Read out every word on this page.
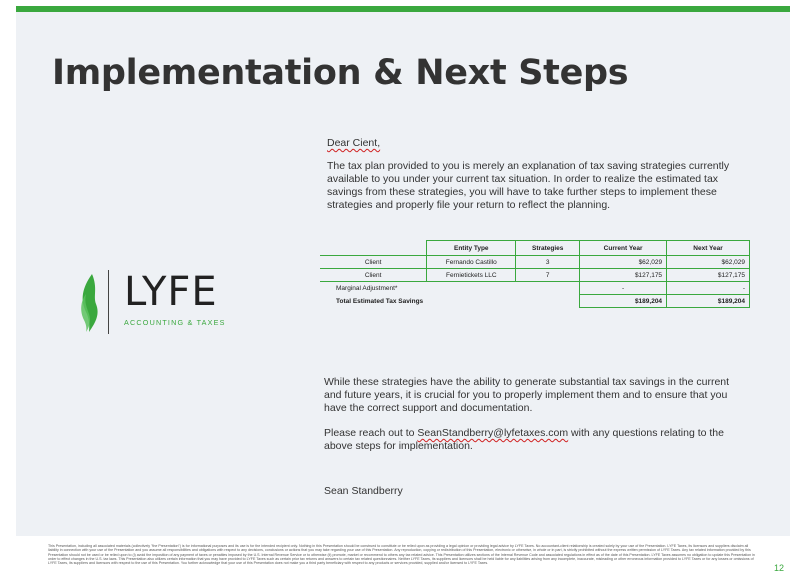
Implementation & Next Steps
LYFE
ACCOUNTING & TAXES

Dear Cient,

The tax plan provided to you is merely an explanation of tax saving strategies currently available to you under your current tax situation. In order to realize the estimated tax savings from these strategies, you will have to take further steps to implement these strategies and properly file your return to reflect the planning.

	Entity Type	Strategies	Current Year	Next Year
Client	Fernando Castillo	3	$62,029	$62,029
Client	Fernietickets LLC	7	$127,175	$127,175
Marginal Adjustment*			-	-
Total Estimated Tax Savings			$189,204	$189,204

While these strategies have the ability to generate substantial tax savings in the current and future years, it is crucial for you to properly implement them and to ensure that you have the correct support and documentation.

Please reach out to SeanStandberry@lyfetaxes.com with any questions relating to the above steps for implementation.

Sean Standberry
12
This Presentation, including all associated materials (collectively "the Presentation") is for informational purposes and its use is for the intended recipient only. Nothing in this Presentation should be construed to constitute or be relied upon as providing a legal opinion or providing legal advice by LYFE Taxes. No accountant-client relationship is created solely by your use of the Presentation. LYFE Taxes, its licensors and suppliers disclaim all liability in connection with your use of the Presentation and you assume all responsibilities and obligations with respect to any decisions, conclusions or actions that you may take regarding your use of this Presentation. Any reproduction, copying or redistribution of this Presentation, electronic or otherwise, in whole or in part, is strictly prohibited without the express written permission of LYFE Taxes. Any tax related information provided by this Presentation should not be used or be relied upon to (i) avoid the imposition of any payment of taxes or penalties imposed by the U.S. Internal Revenue Service or to otherwise (ii) promote, market or recommend to others any tax related advice. This Presentation utilizes sections of the Internal Revenue Code and associated regulations in effect as of the date of this Presentation. LYFE Taxes assumes no obligation to update this Presentation in order to effect changes in the U.S. tax laws. This Presentation also utilizes certain information that you may have provided to LYFE Taxes such as certain prior tax returns and answers to certain tax related questionnaires. Neither LYFE Taxes, its suppliers and licensors shall be held liable for any liabilities arising from any incomplete, inaccurate, misleading or other erroneous information provided to LYFE Taxes or for any losses or omissions of LYFE Taxes, its suppliers and licensors with respect to the use of this Presentation. You further acknowledge that your use of this Presentation does not make you a third party beneficiary with respect to any products or services provided, supplied and/or licensed to LYFE Taxes.
